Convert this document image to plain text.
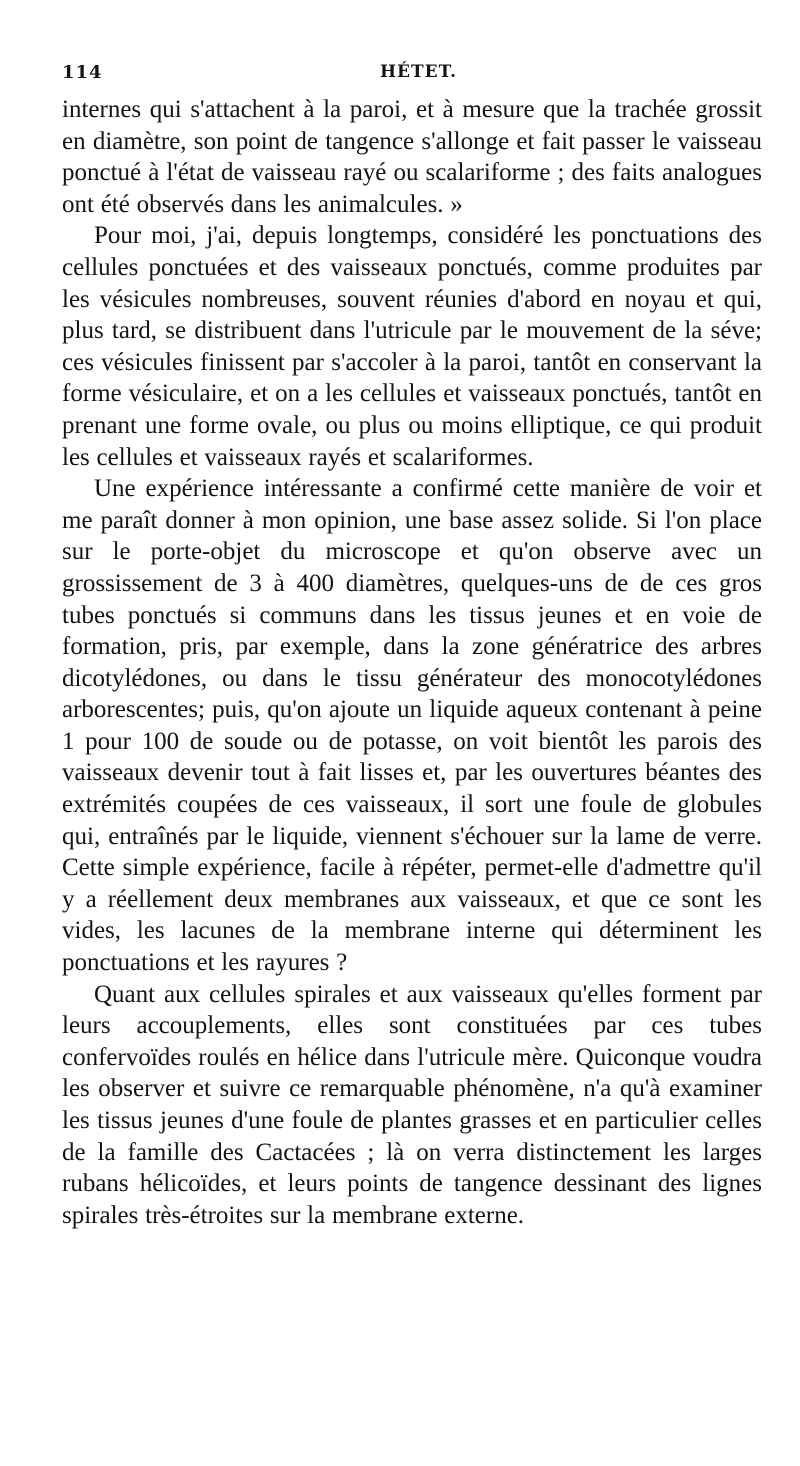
114	HÉTET.

internes qui s'attachent à la paroi, et à mesure que la trachée grossit en diamètre, son point de tangence s'allonge et fait passer le vaisseau ponctué à l'état de vaisseau rayé ou scalariforme ; des faits analogues ont été observés dans les animalcules. »

Pour moi, j'ai, depuis longtemps, considéré les ponctuations des cellules ponctuées et des vaisseaux ponctués, comme produites par les vésicules nombreuses, souvent réunies d'abord en noyau et qui, plus tard, se distribuent dans l'utricule par le mouvement de la séve; ces vésicules finissent par s'accoler à la paroi, tantôt en conservant la forme vésiculaire, et on a les cellules et vaisseaux ponctués, tantôt en prenant une forme ovale, ou plus ou moins elliptique, ce qui produit les cellules et vaisseaux rayés et scalariformes.

Une expérience intéressante a confirmé cette manière de voir et me paraît donner à mon opinion, une base assez solide. Si l'on place sur le porte-objet du microscope et qu'on observe avec un grossissement de 3 à 400 diamètres, quelques-uns de de ces gros tubes ponctués si communs dans les tissus jeunes et en voie de formation, pris, par exemple, dans la zone génératrice des arbres dicotylédones, ou dans le tissu générateur des monocotylédones arborescentes; puis, qu'on ajoute un liquide aqueux contenant à peine 1 pour 100 de soude ou de potasse, on voit bientôt les parois des vaisseaux devenir tout à fait lisses et, par les ouvertures béantes des extrémités coupées de ces vaisseaux, il sort une foule de globules qui, entraînés par le liquide, viennent s'échouer sur la lame de verre. Cette simple expérience, facile à répéter, permet-elle d'admettre qu'il y a réellement deux membranes aux vaisseaux, et que ce sont les vides, les lacunes de la membrane interne qui déterminent les ponctuations et les rayures ?

Quant aux cellules spirales et aux vaisseaux qu'elles forment par leurs accouplements, elles sont constituées par ces tubes confervoïdes roulés en hélice dans l'utricule mère. Quiconque voudra les observer et suivre ce remarquable phénomène, n'a qu'à examiner les tissus jeunes d'une foule de plantes grasses et en particulier celles de la famille des Cactacées ; là on verra distinctement les larges rubans hélicoïdes, et leurs points de tangence dessinant des lignes spirales très-étroites sur la membrane externe.
